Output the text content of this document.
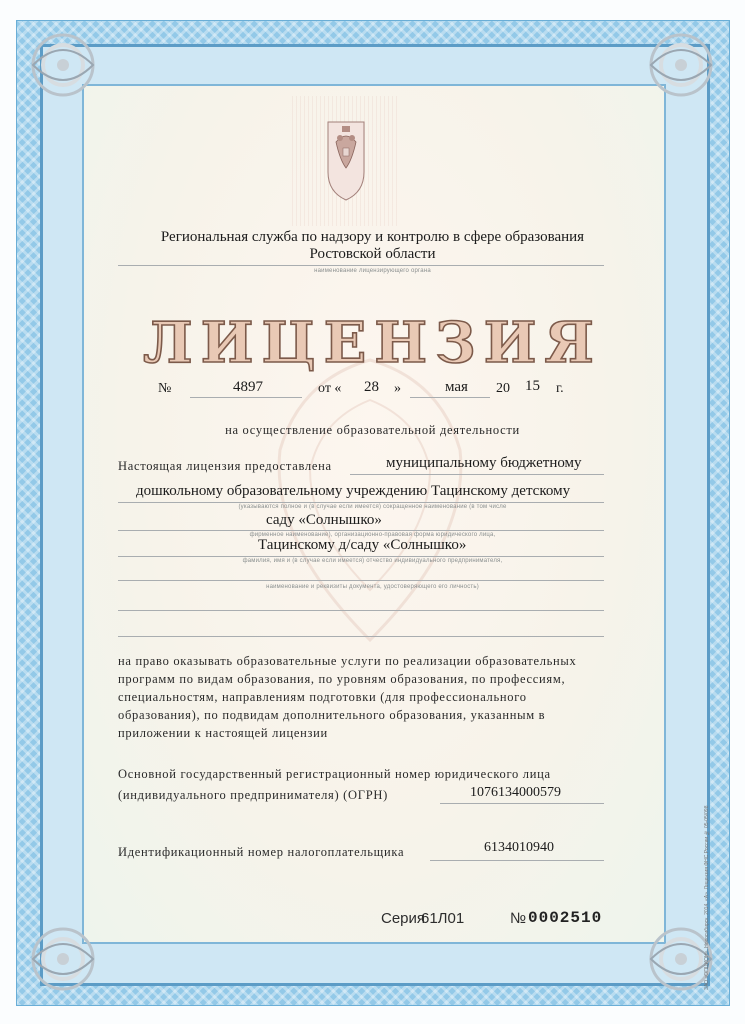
Региональная служба по надзору и контролю в сфере образования
Ростовской области
наименование лицензирующего органа
ЛИЦЕНЗИЯ
№	4897	от « 28 »	мая 20 15 г.
на осуществление образовательной деятельности
Настоящая лицензия предоставлена	муниципальному бюджетному
дошкольному образовательному учреждению Тацинскому детскому
(указываются полное и (в случае если имеется) сокращенное наименование (в том числе
саду «Солнышко»
фирменное наименование), организационно-правовая форма юридического лица,
Тацинскому д/саду «Солнышко»
фамилия, имя и (в случае если имеется) отчество индивидуального предпринимателя,
наименование и реквизиты документа, удостоверяющего его личность)
на право оказывать образовательные услуги по реализации образовательных
программ по видам образования, по уровням образования, по профессиям,
специальностям, направлениям подготовки (для профессионального
образования), по подвидам дополнительного образования, указанным в
приложении к настоящей лицензии
Основной государственный регистрационный номер юридического лица
(индивидуального предпринимателя) (ОГРН)	1076134000579
Идентификационный номер налогоплательщика	6134010940
Серия
61Л01	№ 0002510	ЗАО «ОПЦИОН», Новосибирск, 2014, «А». Лицензия ФНС России № 05-05/098
